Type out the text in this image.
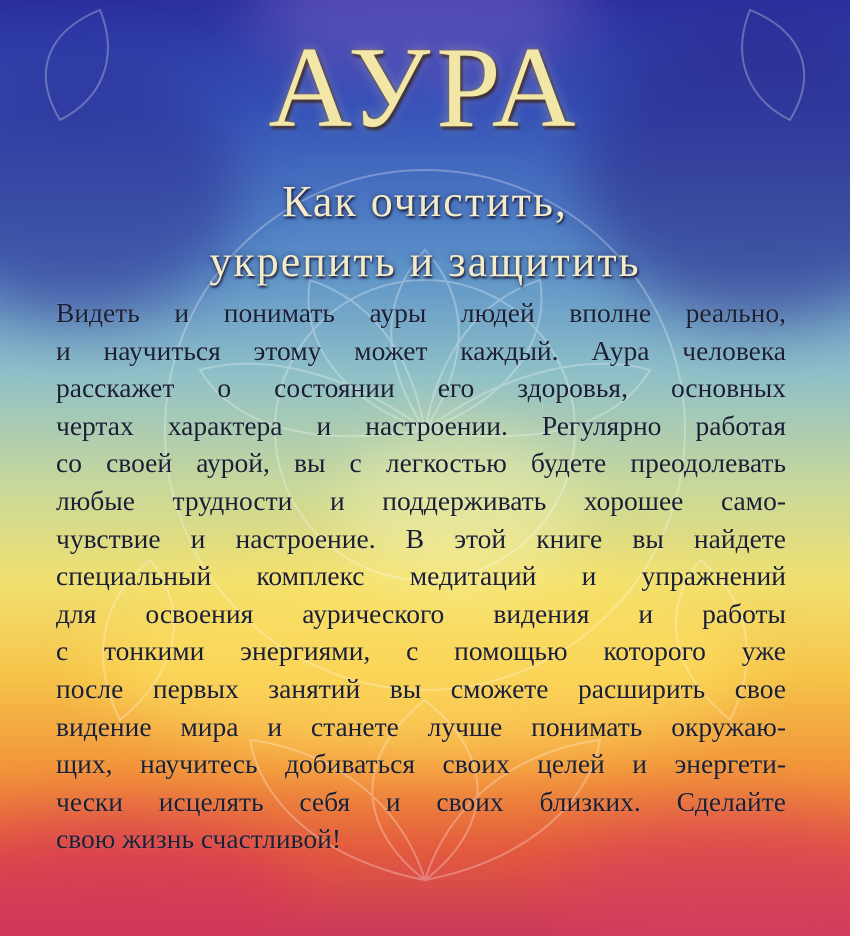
АУРА
Как очистить,
укрепить и защитить
Видеть и понимать ауры людей вполне реально,
и научиться этому может каждый. Аура человека
расскажет о состоянии его здоровья, основных
чертах характера и настроении. Регулярно работая
со своей аурой, вы с легкостью будете преодолевать
любые трудности и поддерживать хорошее само-
чувствие и настроение. В этой книге вы найдете
специальный комплекс медитаций и упражнений
для освоения аурического видения и работы
с тонкими энергиями, с помощью которого уже
после первых занятий вы сможете расширить свое
видение мира и станете лучше понимать окружаю-
щих, научитесь добиваться своих целей и энергети-
чески исцелять себя и своих близких. Сделайте
свою жизнь счастливой!
